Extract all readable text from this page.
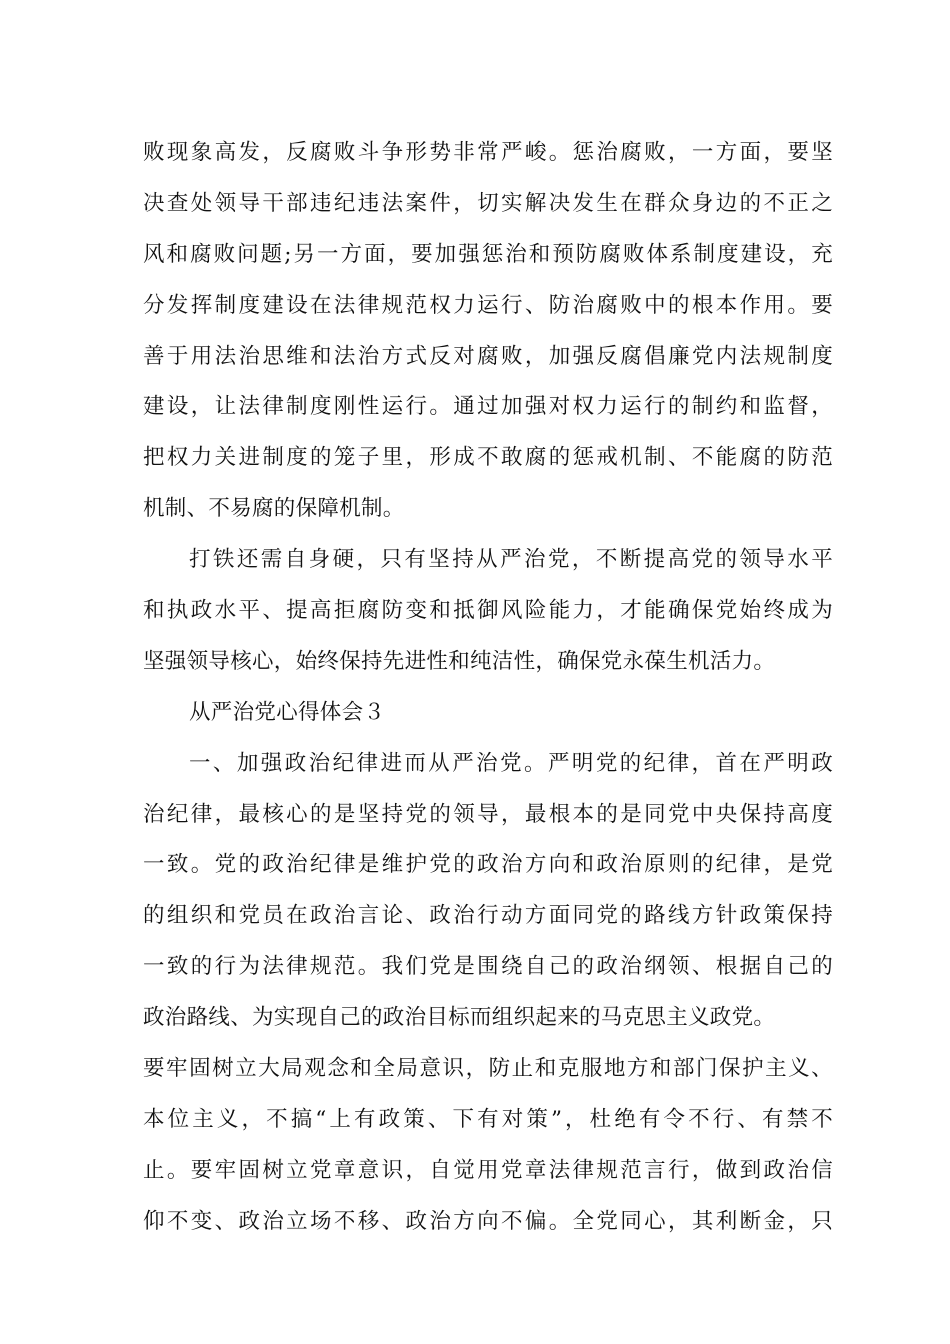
败现象高发，反腐败斗争形势非常严峻。惩治腐败，一方面，要坚
决查处领导干部违纪违法案件，切实解决发生在群众身边的不正之
风和腐败问题;另一方面，要加强惩治和预防腐败体系制度建设，充
分发挥制度建设在法律规范权力运行、防治腐败中的根本作用。要
善于用法治思维和法治方式反对腐败，加强反腐倡廉党内法规制度
建设，让法律制度刚性运行。通过加强对权力运行的制约和监督，
把权力关进制度的笼子里，形成不敢腐的惩戒机制、不能腐的防范
机制、不易腐的保障机制。
打铁还需自身硬，只有坚持从严治党，不断提高党的领导水平
和执政水平、提高拒腐防变和抵御风险能力，才能确保党始终成为
坚强领导核心，始终保持先进性和纯洁性，确保党永葆生机活力。
从严治党心得体会３
一、加强政治纪律进而从严治党。严明党的纪律，首在严明政
治纪律，最核心的是坚持党的领导，最根本的是同党中央保持高度
一致。党的政治纪律是维护党的政治方向和政治原则的纪律，是党
的组织和党员在政治言论、政治行动方面同党的路线方针政策保持
一致的行为法律规范。我们党是围绕自己的政治纲领、根据自己的
政治路线、为实现自己的政治目标而组织起来的马克思主义政党。
要牢固树立大局观念和全局意识，防止和克服地方和部门保护主义、
本位主义，不搞“上有政策、下有对策”，杜绝有令不行、有禁不
止。要牢固树立党章意识，自觉用党章法律规范言行，做到政治信
仰不变、政治立场不移、政治方向不偏。全党同心，其利断金，只
